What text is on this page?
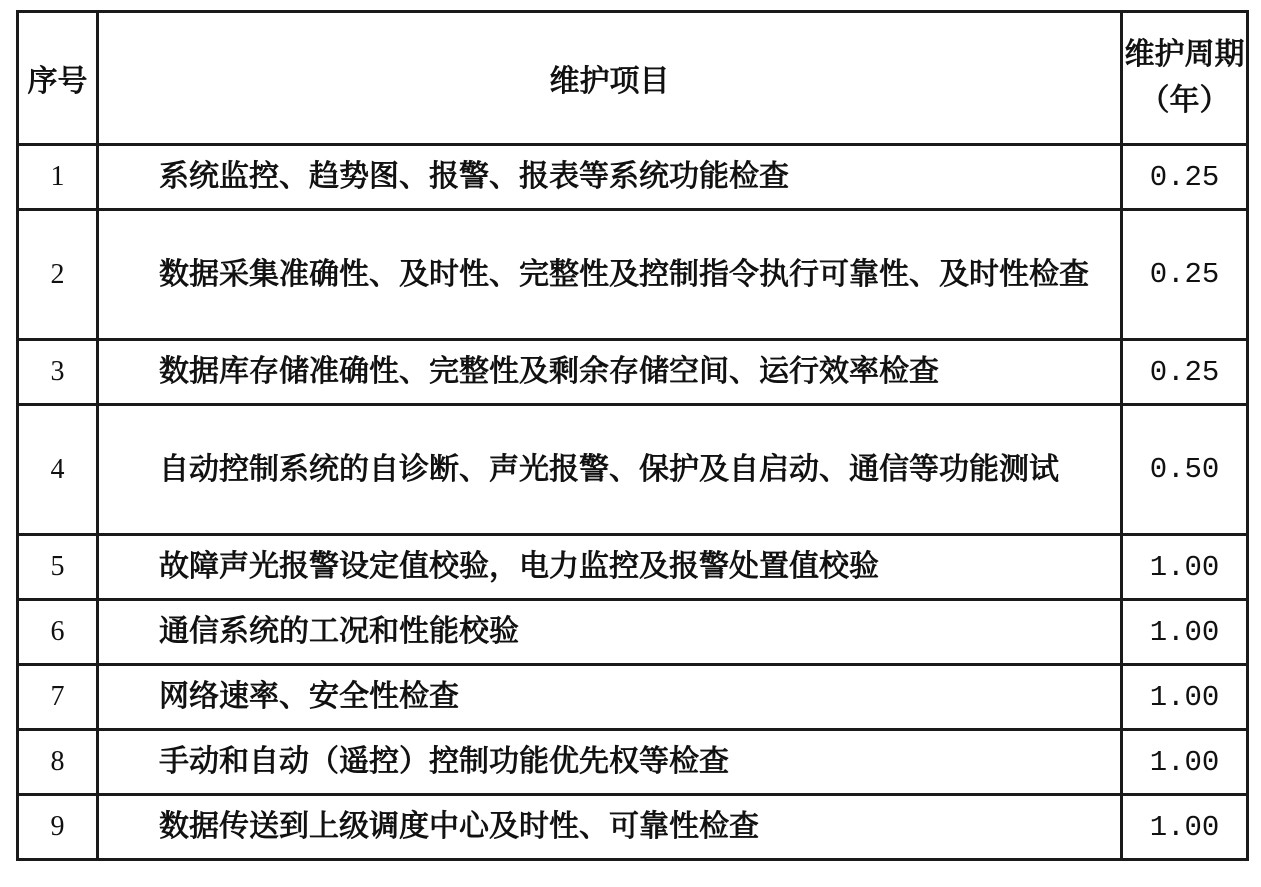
序号	维护项目	维护周期
（年）

1	系统监控、趋势图、报警、报表等系统功能检查	0.25
2	数据采集准确性、及时性、完整性及控制指令执行可靠性、及时性检查	0.25
3	数据库存储准确性、完整性及剩余存储空间、运行效率检查	0.25
4	自动控制系统的自诊断、声光报警、保护及自启动、通信等功能测试	0.50
5	故障声光报警设定值校验，电力监控及报警处置值校验	1.00
6	通信系统的工况和性能校验	1.00
7	网络速率、安全性检查	1.00
8	手动和自动（遥控）控制功能优先权等检查	1.00
9	数据传送到上级调度中心及时性、可靠性检查	1.00
